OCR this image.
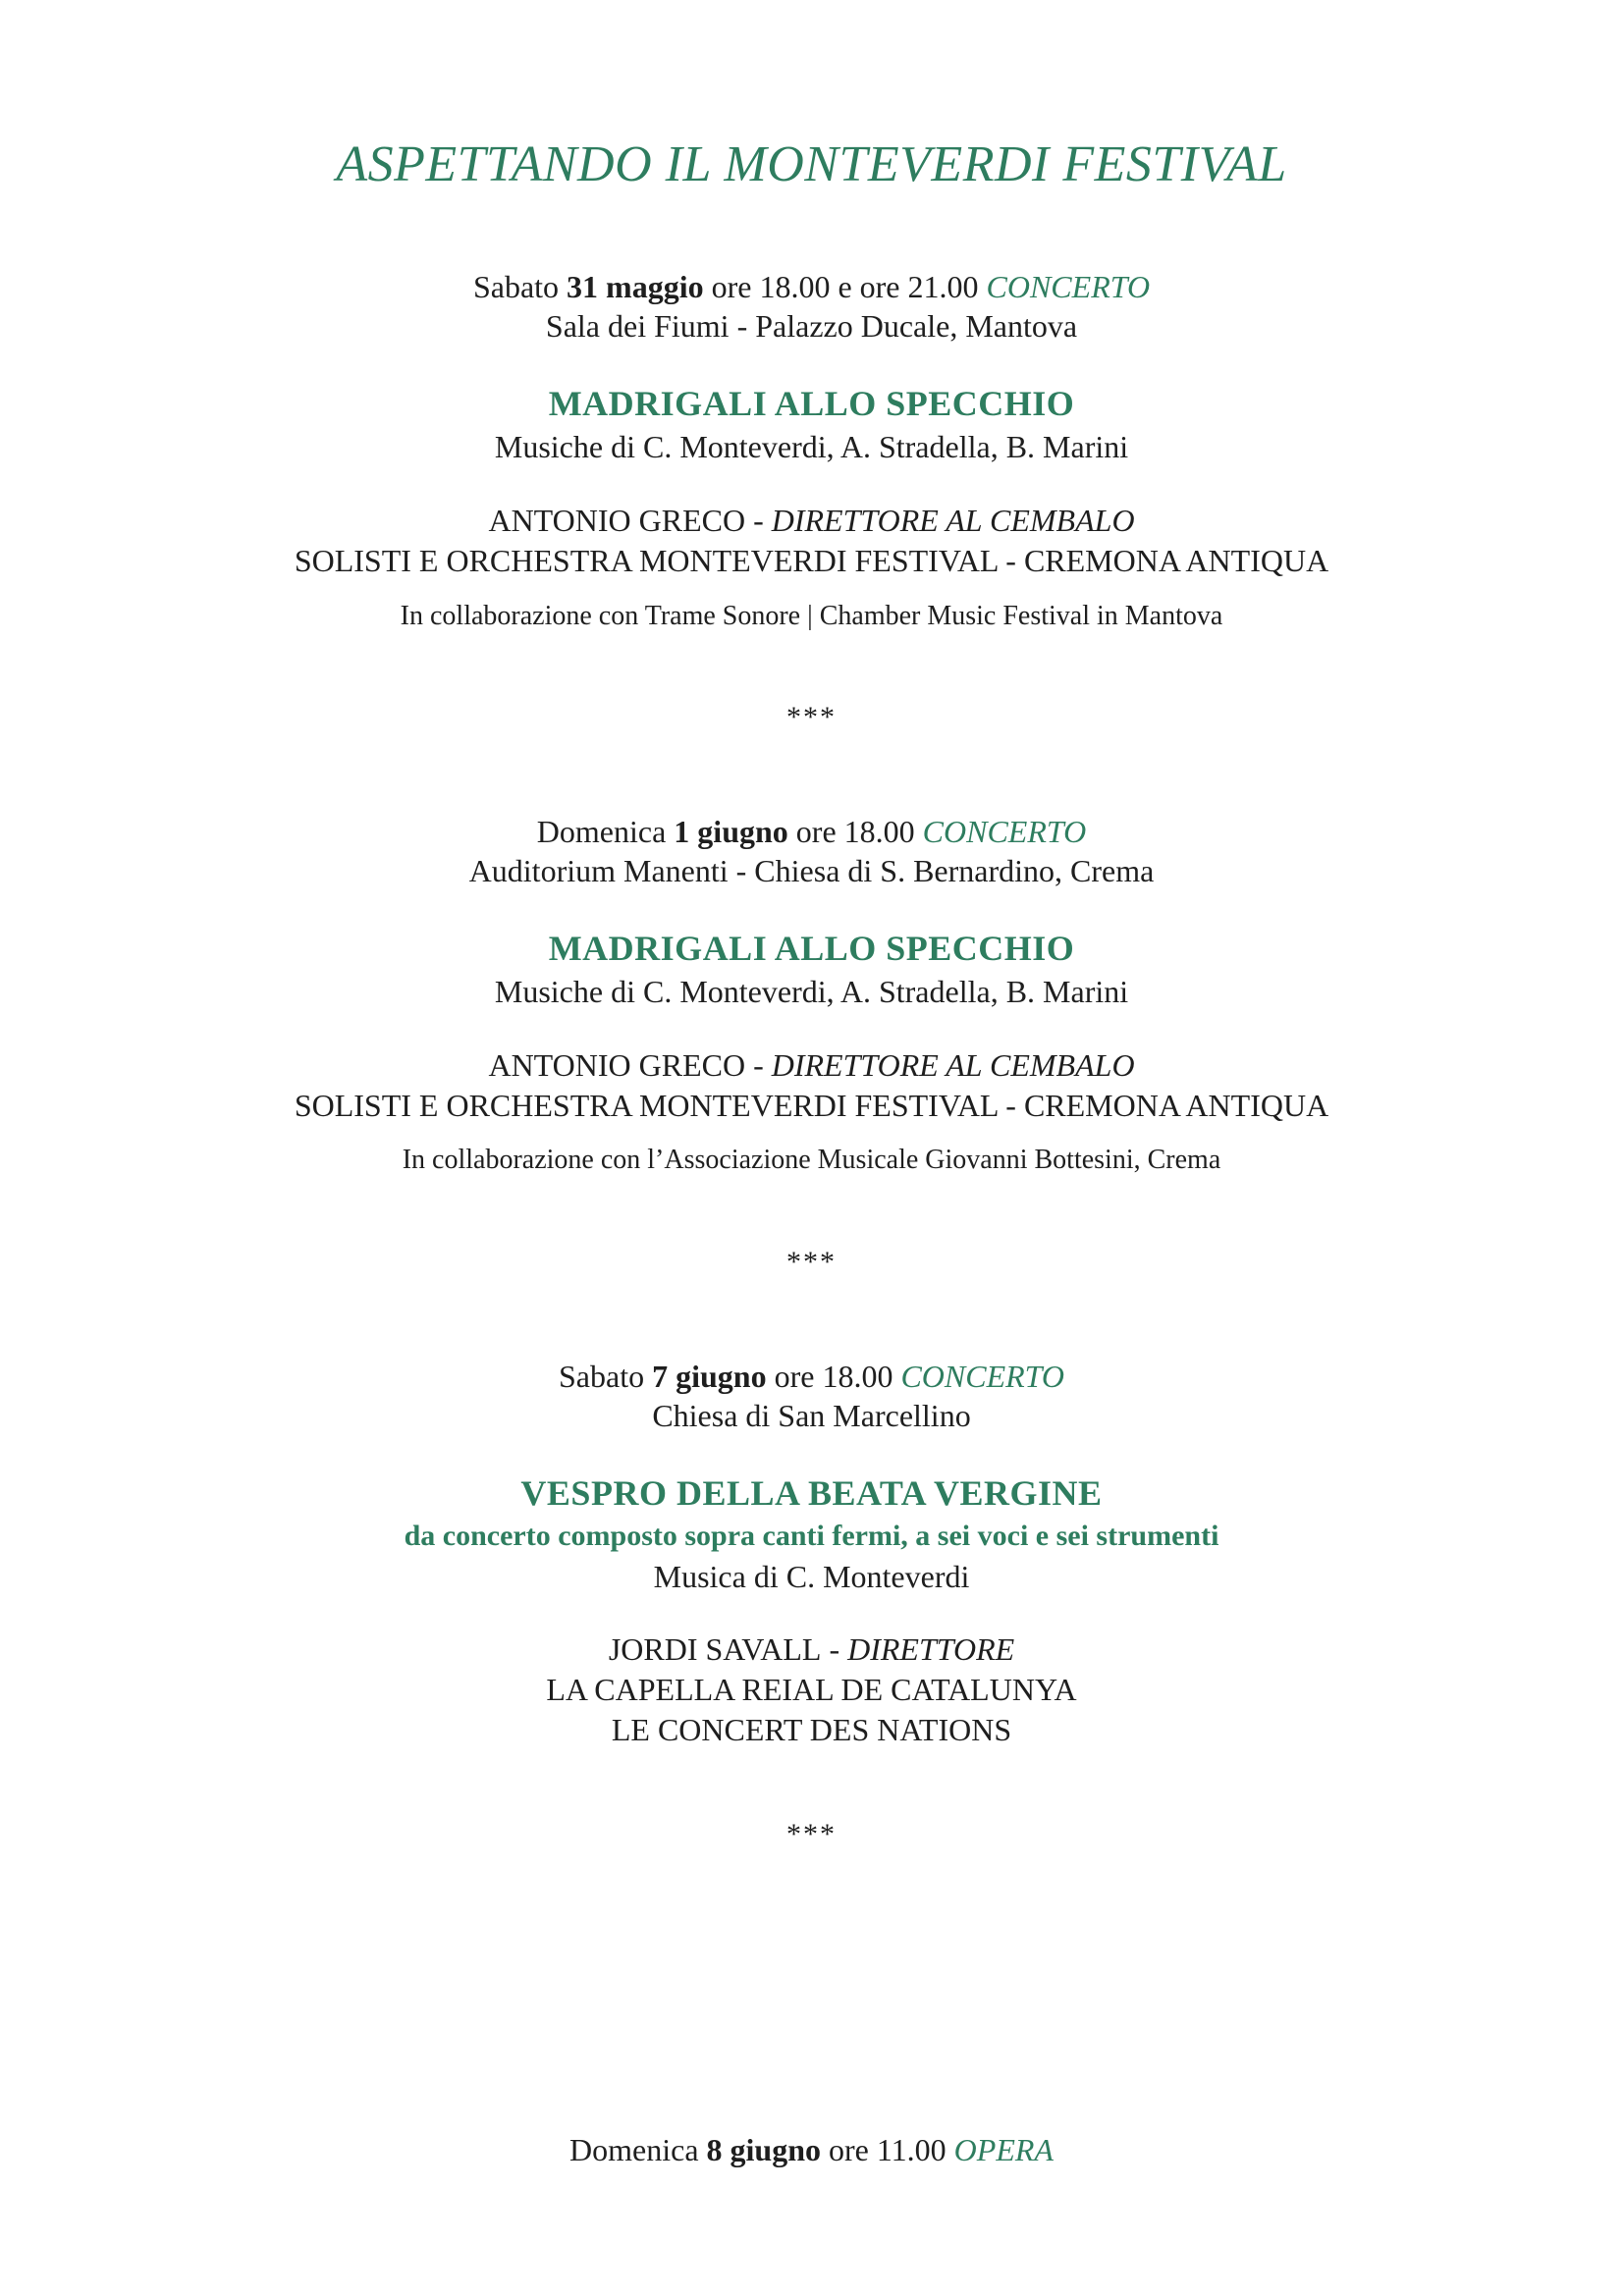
ASPETTANDO IL MONTEVERDI FESTIVAL
Sabato 31 maggio ore 18.00 e ore 21.00 CONCERTO
Sala dei Fiumi - Palazzo Ducale, Mantova
MADRIGALI ALLO SPECCHIO
Musiche di C. Monteverdi, A. Stradella, B. Marini
ANTONIO GRECO - DIRETTORE AL CEMBALO
SOLISTI E ORCHESTRA MONTEVERDI FESTIVAL - CREMONA ANTIQUA
In collaborazione con Trame Sonore | Chamber Music Festival in Mantova
***
Domenica 1 giugno ore 18.00 CONCERTO
Auditorium Manenti - Chiesa di S. Bernardino, Crema
MADRIGALI ALLO SPECCHIO
Musiche di C. Monteverdi, A. Stradella, B. Marini
ANTONIO GRECO - DIRETTORE AL CEMBALO
SOLISTI E ORCHESTRA MONTEVERDI FESTIVAL - CREMONA ANTIQUA
In collaborazione con l’Associazione Musicale Giovanni Bottesini, Crema
***
Sabato 7 giugno ore 18.00 CONCERTO
Chiesa di San Marcellino
VESPRO DELLA BEATA VERGINE
da concerto composto sopra canti fermi, a sei voci e sei strumenti
Musica di C. Monteverdi
JORDI SAVALL - DIRETTORE
LA CAPELLA REIAL DE CATALUNYA
LE CONCERT DES NATIONS
***
Domenica 8 giugno ore 11.00 OPERA
